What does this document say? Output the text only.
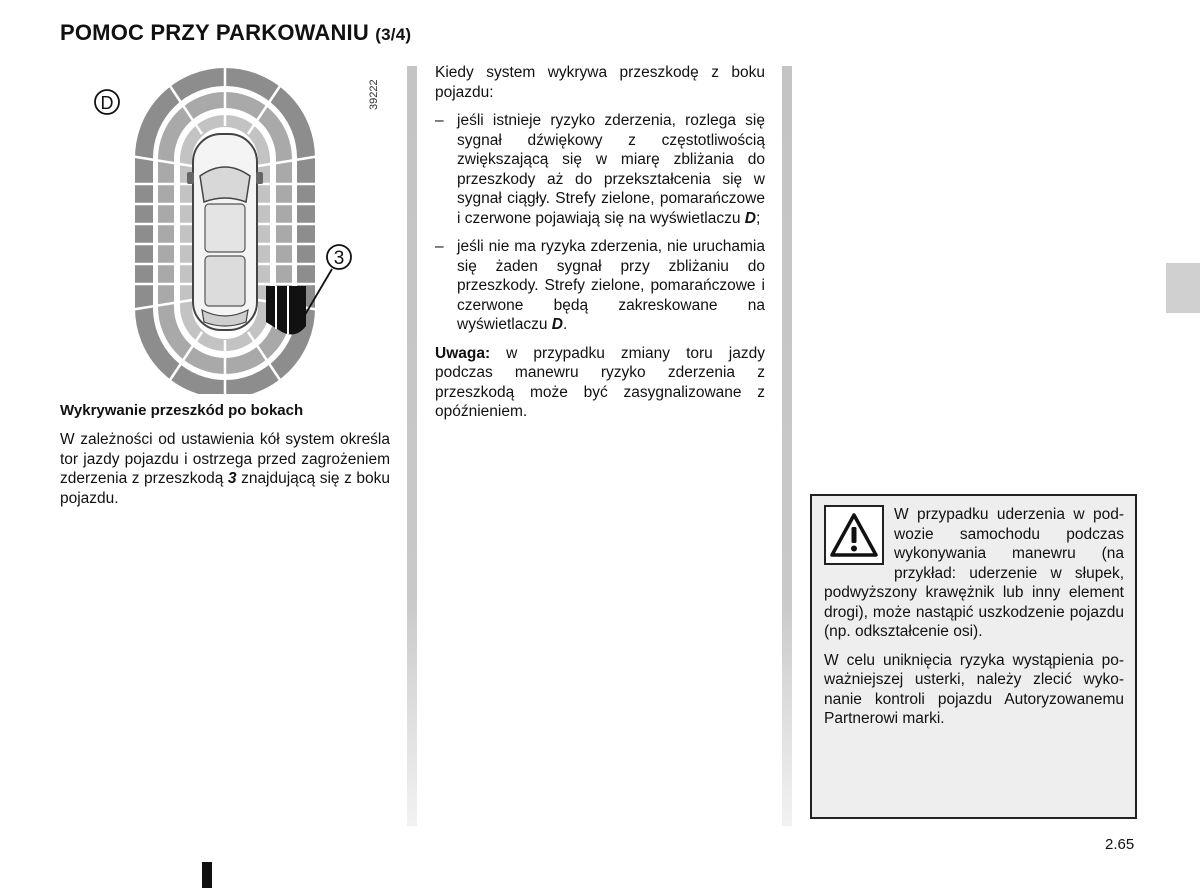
POMOC PRZY PARKOWANIU (3/4)
3
D	39222
Wykrywanie przeszkód po bokach
W zależności od ustawienia kół system określa tor jazdy pojazdu i ostrzega przed zagrożeniem zderzenia z przeszkodą 3 znajdującą się z boku pojazdu.

Kiedy system wykrywa przeszkodę z boku pojazdu:

– jeśli istnieje ryzyko zderzenia, rozlega się sygnał dźwiękowy z częstotliwością zwiększającą się w miarę zbliżania do przeszkody aż do przekształcenia się w sygnał ciągły. Strefy zielone, pomarańczowe i czerwone pojawiają się na wyświetlaczu D;
– jeśli nie ma ryzyka zderzenia, nie uruchamia się żaden sygnał przy zbliżaniu do przeszkody. Strefy zielone, pomarańczowe i czerwone będą zakreskowane na wyświetlaczu D.

Uwaga: w przypadku zmiany toru jazdy podczas manewru ryzyko zderzenia z przeszkodą może być zasygnalizowane z opóźnieniem.

W przypadku uderzenia w podwozie samochodu podczas wykonywania manewru (na przykład: uderzenie w słupek, podwyższony krawężnik lub inny element drogi), może nastąpić uszkodzenie pojazdu (np. odkształcenie osi).

W celu uniknięcia ryzyka wystąpienia poważniejszej usterki, należy zlecić wykonanie kontroli pojazdu Autoryzowanemu Partnerowi marki.

2.65
